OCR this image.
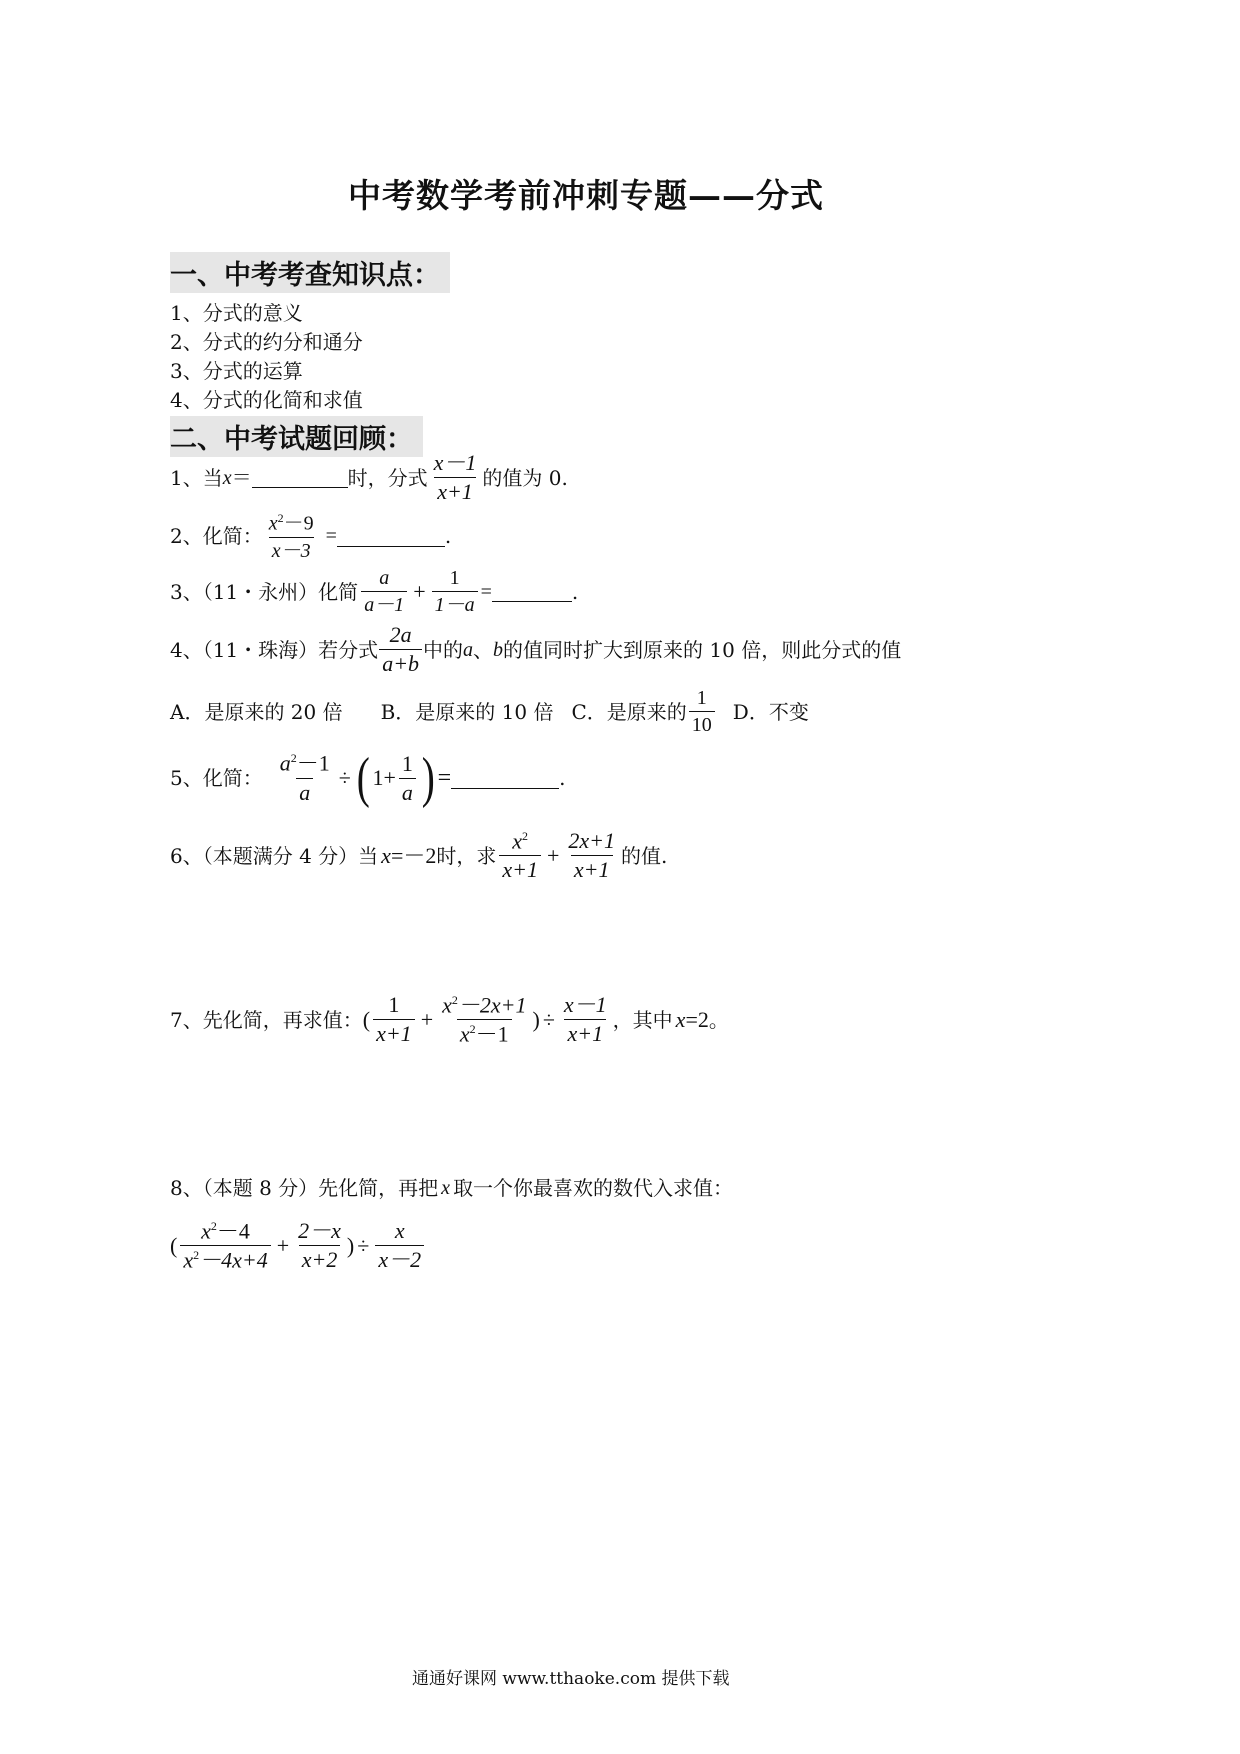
中考数学考前冲刺专题——分式
一、中考考查知识点：
1、分式的意义
2、分式的约分和通分
3、分式的运算
4、分式的化简和求值
二、中考试题回顾：
1、当 x ＝	时，分式 $\frac{x-1}{x+1}$ 的值为 0.
2、化简： $\frac{x^2-9}{x-3}$ =	.
3、（11・永州）化简 $\frac{a}{a-1} + \frac{1}{1-a}$ =	.
4、（11・珠海）若分式 $\frac{2a}{a+b}$ 中的 a 、 b 的值同时扩大到原来的 10 倍，则此分式的值
A．是原来的 20 倍 B．是原来的 10 倍 C．是原来的 $\frac{1}{10}$ D．不变
5、化简： $\frac{a^2-1}{a}$ ÷ ( $1+ \frac{1}{a}$ ) =	.
6、（本题满分 4 分）当 x =－2 时，求 $\frac{x^2}{x+1} + \frac{2x+1}{x+1}$ 的值.
7、先化简，再求值： ( $\frac{1}{x+1} + \frac{x^2-2x+1}{x^2-1}$ ) ÷ $\frac{x-1}{x+1}$ ，其中 x =2 。
8、（本题 8 分）先化简，再把 x 取一个你最喜欢的数代入求值：
( $\frac{x^2-4}{x^2-4x+4} + \frac{2-x}{x+2}$ ) ÷ $\frac{x}{x-2}$
通通好课网 www.tthaoke.com 提供下载
